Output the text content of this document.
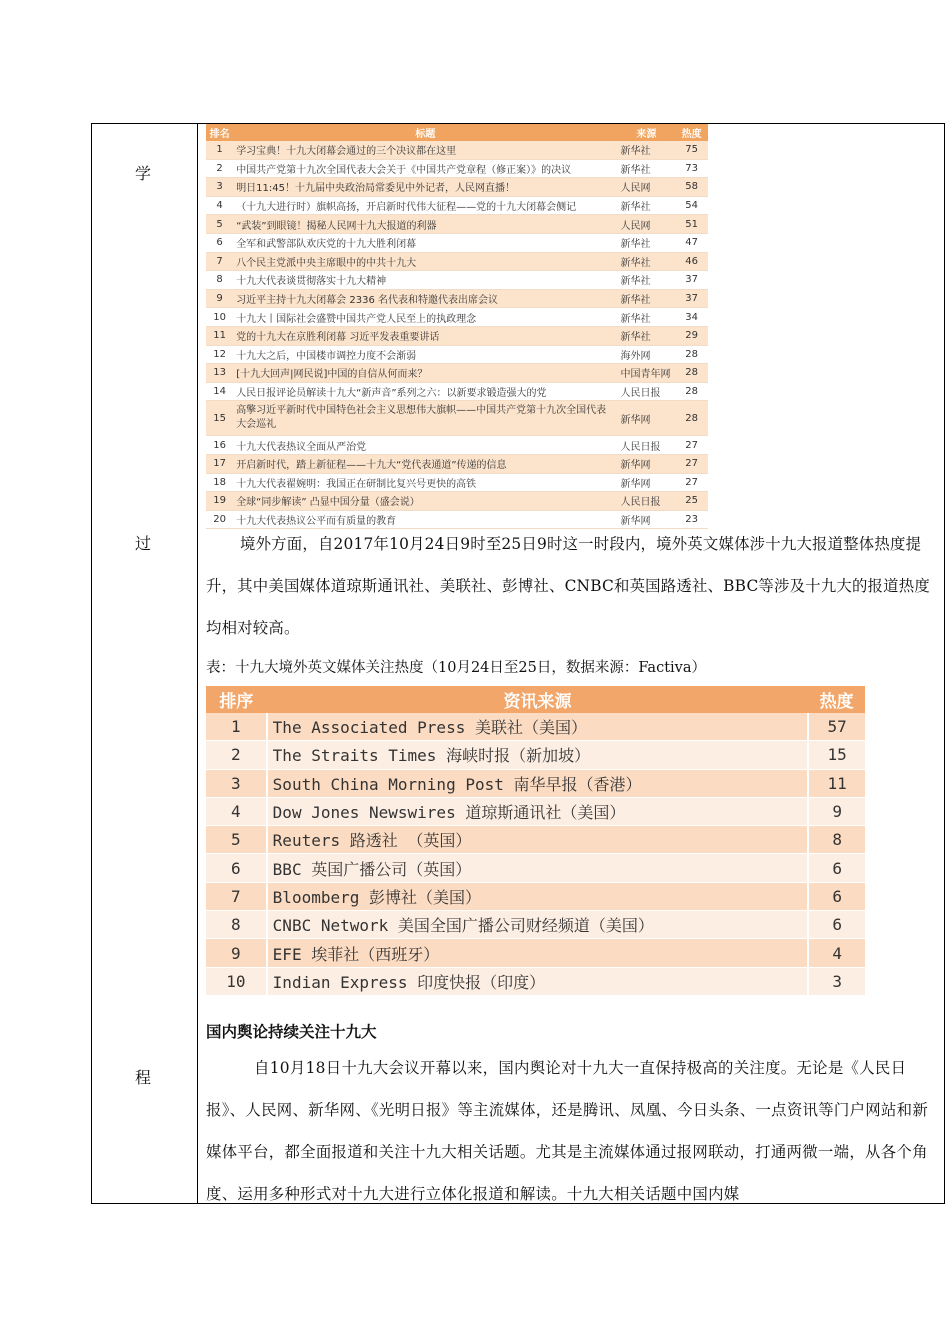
学
过
程
排名	标题	来源	热度
1	学习宝典！十九大闭幕会通过的三个决议都在这里	新华社	75
2	中国共产党第十九次全国代表大会关于《中国共产党章程（修正案）》的决议	新华社	73
3	明日11:45！十九届中央政治局常委见中外记者，人民网直播！	人民网	58
4	（十九大进行时）旗帜高扬，开启新时代伟大征程——党的十九大闭幕会侧记	新华社	54
5	“武装”到眼镜！揭秘人民网十九大报道的利器	人民网	51
6	全军和武警部队欢庆党的十九大胜利闭幕	新华社	47
7	八个民主党派中央主席眼中的中共十九大	新华社	46
8	十九大代表谈贯彻落实十九大精神	新华社	37
9	习近平主持十九大闭幕会 2336 名代表和特邀代表出席会议	新华社	37
10	十九大丨国际社会盛赞中国共产党人民至上的执政理念	新华社	34
11	党的十九大在京胜利闭幕 习近平发表重要讲话	新华社	29
12	十九大之后，中国楼市调控力度不会渐弱	海外网	28
13	[十九大回声|网民说]中国的自信从何而来？	中国青年网	28
14	人民日报评论员解读十九大“新声音”系列之六：以新要求锻造强大的党	人民日报	28
15	高擎习近平新时代中国特色社会主义思想伟大旗帜——中国共产党第十九次全国代表大会巡礼	新华网	28
16	十九大代表热议全面从严治党	人民日报	27
17	开启新时代，踏上新征程——十九大“党代表通道”传递的信息	新华网	27
18	十九大代表翟婉明：我国正在研制比复兴号更快的高铁	新华网	27
19	全球“同步解读” 凸显中国分量（盛会说）	人民日报	25
20	十九大代表热议公平而有质量的教育	新华网	23
境外方面，自2017年10月24日9时至25日9时这一时段内，境外英文媒体涉十九大报道整体热度提升，其中美国媒体道琼斯通讯社、美联社、彭博社、CNBC和英国路透社、BBC等涉及十九大的报道热度均相对较高。
表：十九大境外英文媒体关注热度（10月24日至25日，数据来源：Factiva）
排序	资讯来源	热度
1	The Associated Press 美联社（美国）	57
2	The Straits Times 海峡时报（新加坡）	15
3	South China Morning Post 南华早报（香港）	11
4	Dow Jones Newswires 道琼斯通讯社（美国）	9
5	Reuters 路透社 （英国）	8
6	BBC 英国广播公司（英国）	6
7	Bloomberg 彭博社（美国）	6
8	CNBC Network 美国全国广播公司财经频道（美国）	6
9	EFE 埃菲社（西班牙）	4
10	Indian Express 印度快报（印度）	3
国内舆论持续关注十九大
自10月18日十九大会议开幕以来，国内舆论对十九大一直保持极高的关注度。无论是《人民日报》、人民网、新华网、《光明日报》等主流媒体，还是腾讯、凤凰、今日头条、一点资讯等门户网站和新媒体平台，都全面报道和关注十九大相关话题。尤其是主流媒体通过报网联动，打通两微一端，从各个角度、运用多种形式对十九大进行立体化报道和解读。十九大相关话题中国内媒
